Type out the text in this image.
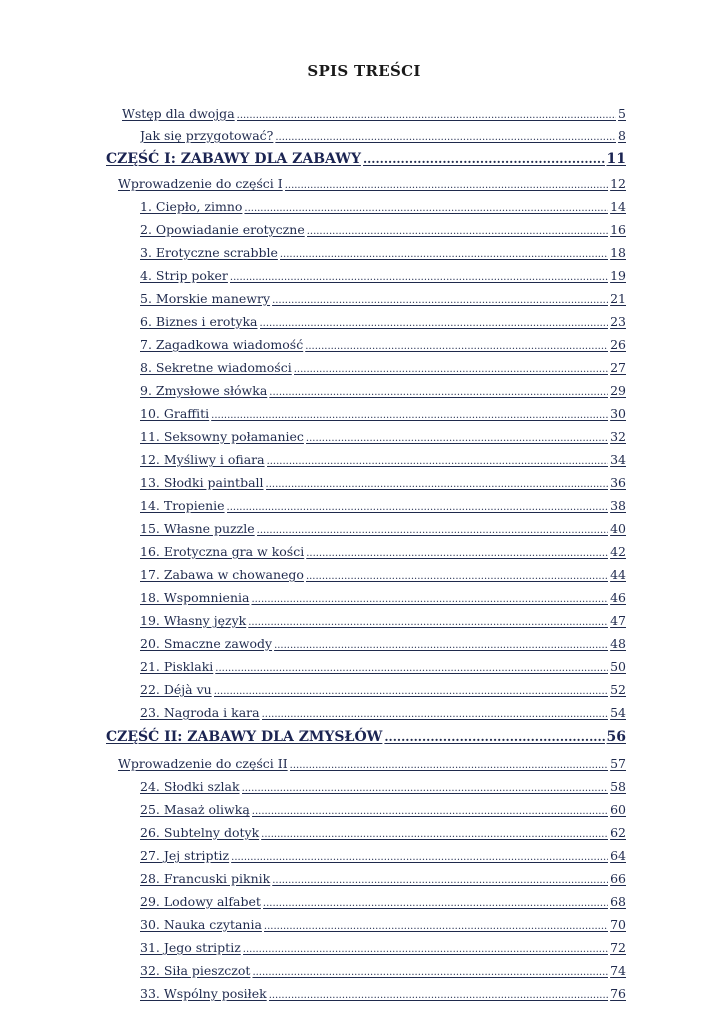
SPIS TREŚCI
Wstęp dla dwojga .....	5
Jak się przygotować? .....	8
CZĘŚĆ I: ZABAWY DLA ZABAWY .....	11
Wprowadzenie do części I .....	12
1. Ciepło, zimno .....	14
2. Opowiadanie erotyczne .....	16
3. Erotyczne scrabble .....	18
4. Strip poker .....	19
5. Morskie manewry .....	21
6. Biznes i erotyka .....	23
7. Zagadkowa wiadomość .....	26
8. Sekretne wiadomości .....	27
9. Zmysłowe słówka .....	29
10. Graffiti .....	30
11. Seksowny połamaniec .....	32
12. Myśliwy i ofiara .....	34
13. Słodki paintball .....	36
14. Tropienie .....	38
15. Własne puzzle .....	40
16. Erotyczna gra w kości .....	42
17. Zabawa w chowanego .....	44
18. Wspomnienia .....	46
19. Własny język .....	47
20. Smaczne zawody .....	48
21. Pisklaki .....	50
22. Déjà vu .....	52
23. Nagroda i kara .....	54
CZĘŚĆ II: ZABAWY DLA ZMYSŁÓW .....	56
Wprowadzenie do części II .....	57
24. Słodki szlak .....	58
25. Masaż oliwką .....	60
26. Subtelny dotyk .....	62
27. Jej striptiz .....	64
28. Francuski piknik .....	66
29. Lodowy alfabet .....	68
30. Nauka czytania .....	70
31. Jego striptiz .....	72
32. Siła pieszczot .....	74
33. Wspólny posiłek .....	76
